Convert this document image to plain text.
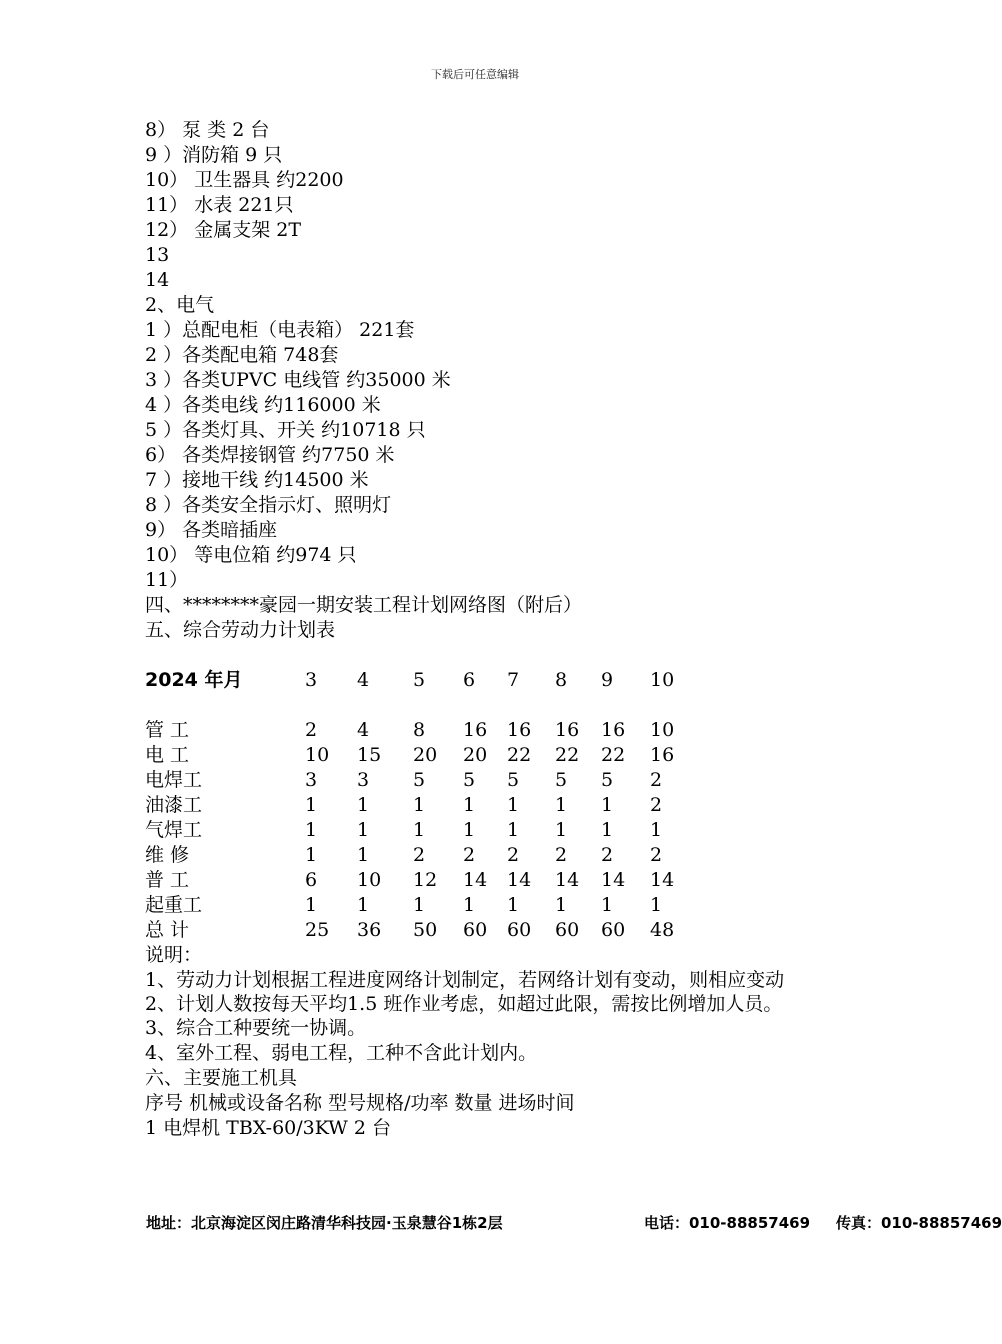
下载后可任意编辑
8） 泵 类 2 台
9 ）消防箱 9 只
10） 卫生器具 约2200
11） 水表 221只
12） 金属支架 2T
13
14
2、电气
1 ）总配电柜（电表箱） 221套
2 ）各类配电箱 748套
3 ）各类UPVC 电线管 约35000 米
4 ）各类电线 约116000 米
5 ）各类灯具、开关 约10718 只
6） 各类焊接钢管 约7750 米
7 ）接地干线 约14500 米
8 ）各类安全指示灯、照明灯
9） 各类暗插座
10） 等电位箱 约974 只
11）
四、********豪园一期安装工程计划网络图（附后）
五、综合劳动力计划表
2024 年月	3 4 5 6 7 8 9 10
管 工	2 4 8 16 16 16 16 10
电 工	10 15 20 20 22 22 22 16
电焊工	3 3 5 5 5 5 5 2
油漆工	1 1 1 1 1 1 1 2
气焊工	1 1 1 1 1 1 1 1
维 修	1 1 2 2 2 2 2 2
普 工	6 10 12 14 14 14 14 14
起重工	1 1 1 1 1 1 1 1
总 计	25 36 50 60 60 60 60 48
说明：
1、劳动力计划根据工程进度网络计划制定，若网络计划有变动，则相应变动
2、计划人数按每天平均1.5 班作业考虑，如超过此限，需按比例增加人员。
3、综合工种要统一协调。
4、室外工程、弱电工程，工种不含此计划内。
六、主要施工机具
序号 机械或设备名称 型号规格/功率 数量 进场时间
1 电焊机 TBX-60/3KW 2 台
地址：北京海淀区闵庄路清华科技园·玉泉慧谷1栋2层	电话：010-88857469 传真：010-88857469
